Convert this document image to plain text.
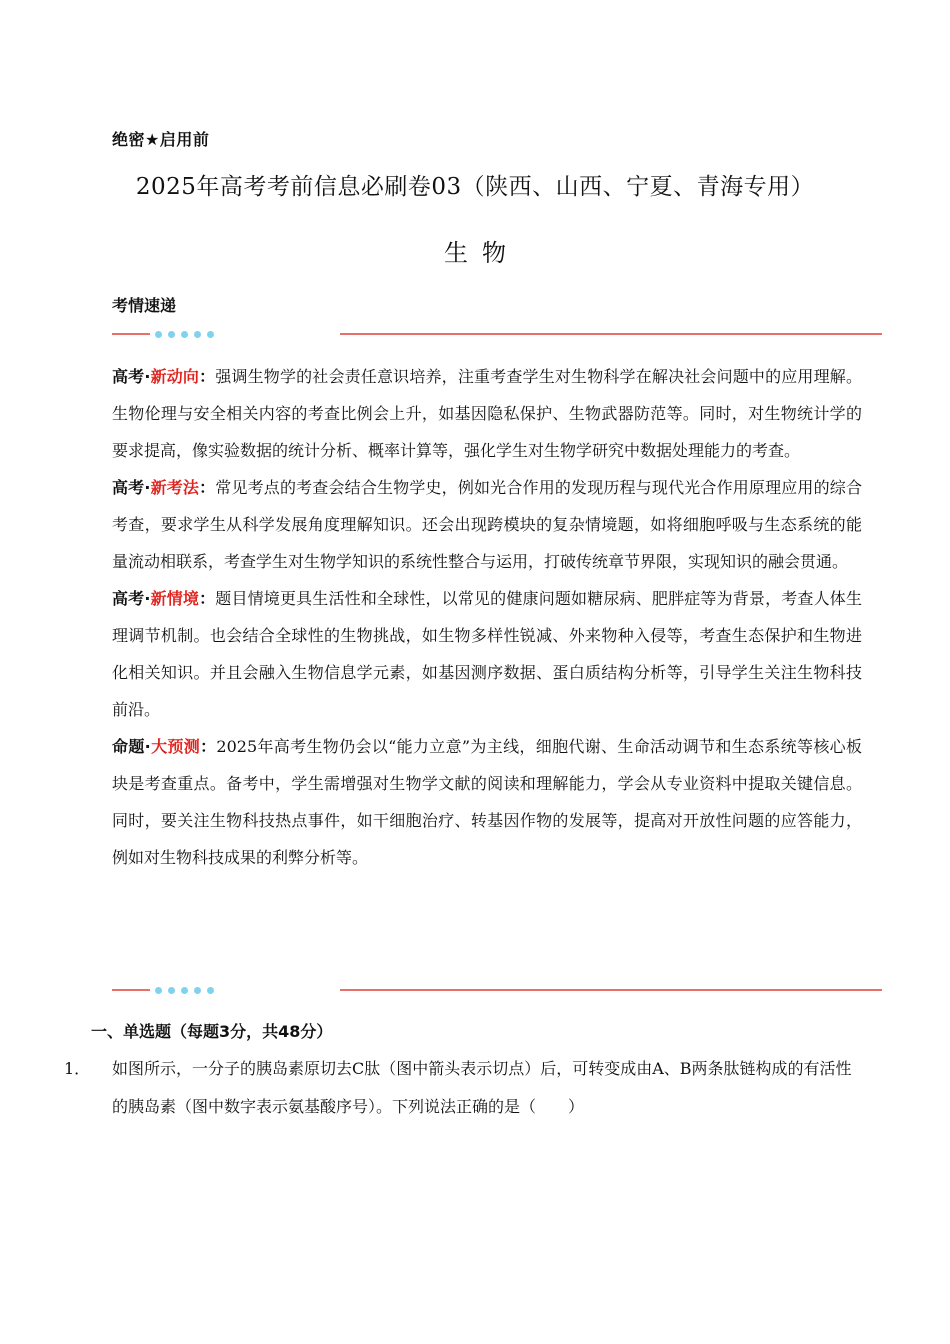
绝密★启用前
2025年高考考前信息必刷卷03（陕西、山西、宁夏、青海专用）
生物
考情速递

高考·新动向：强调生物学的社会责任意识培养，注重考查学生对生物科学在解决社会问题中的应用理解。生物伦理与安全相关内容的考查比例会上升，如基因隐私保护、生物武器防范等。同时，对生物统计学的要求提高，像实验数据的统计分析、概率计算等，强化学生对生物学研究中数据处理能力的考查。

高考·新考法：常见考点的考查会结合生物学史，例如光合作用的发现历程与现代光合作用原理应用的综合考查，要求学生从科学发展角度理解知识。还会出现跨模块的复杂情境题，如将细胞呼吸与生态系统的能量流动相联系，考查学生对生物学知识的系统性整合与运用，打破传统章节界限，实现知识的融会贯通。

高考·新情境：题目情境更具生活性和全球性，以常见的健康问题如糖尿病、肥胖症等为背景，考查人体生理调节机制。也会结合全球性的生物挑战，如生物多样性锐减、外来物种入侵等，考查生态保护和生物进化相关知识。并且会融入生物信息学元素，如基因测序数据、蛋白质结构分析等，引导学生关注生物科技前沿。

命题·大预测：2025年高考生物仍会以“能力立意”为主线，细胞代谢、生命活动调节和生态系统等核心板块是考查重点。备考中，学生需增强对生物学文献的阅读和理解能力，学会从专业资料中提取关键信息。同时，要关注生物科技热点事件，如干细胞治疗、转基因作物的发展等，提高对开放性问题的应答能力，例如对生物科技成果的利弊分析等。

一、单选题（每题3分，共48分）

1． 如图所示，一分子的胰岛素原切去C肽（图中箭头表示切点）后，可转变成由A、B两条肽链构成的有活性的胰岛素（图中数字表示氨基酸序号）。下列说法正确的是（　　）
